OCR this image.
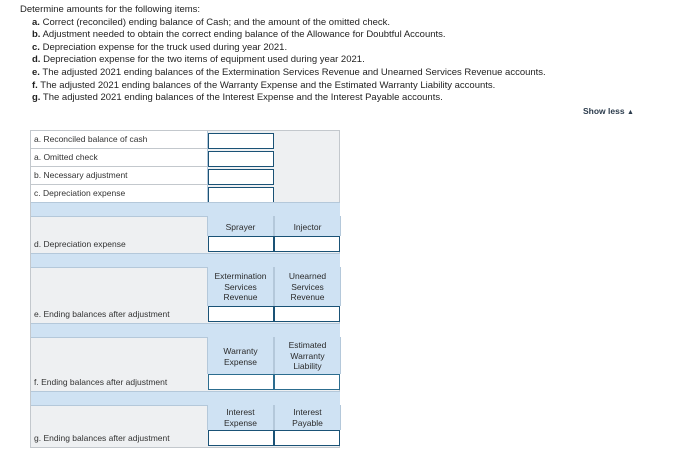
Determine amounts for the following items:
a. Correct (reconciled) ending balance of Cash; and the amount of the omitted check.
b. Adjustment needed to obtain the correct ending balance of the Allowance for Doubtful Accounts.
c. Depreciation expense for the truck used during year 2021.
d. Depreciation expense for the two items of equipment used during year 2021.
e. The adjusted 2021 ending balances of the Extermination Services Revenue and Unearned Services Revenue accounts.
f. The adjusted 2021 ending balances of the Warranty Expense and the Estimated Warranty Liability accounts.
g. The adjusted 2021 ending balances of the Interest Expense and the Interest Payable accounts.
Show less ▲
a. Reconciled balance of cash
a. Omitted check
b. Necessary adjustment
c. Depreciation expense
Sprayer	Injector
d. Depreciation expense
Extermination
Services
Revenue
Unearned
Services
Revenue
e. Ending balances after adjustment
Warranty
Expense
Estimated
Warranty
Liability
f. Ending balances after adjustment
Interest
Expense
Interest
Payable
g. Ending balances after adjustment
